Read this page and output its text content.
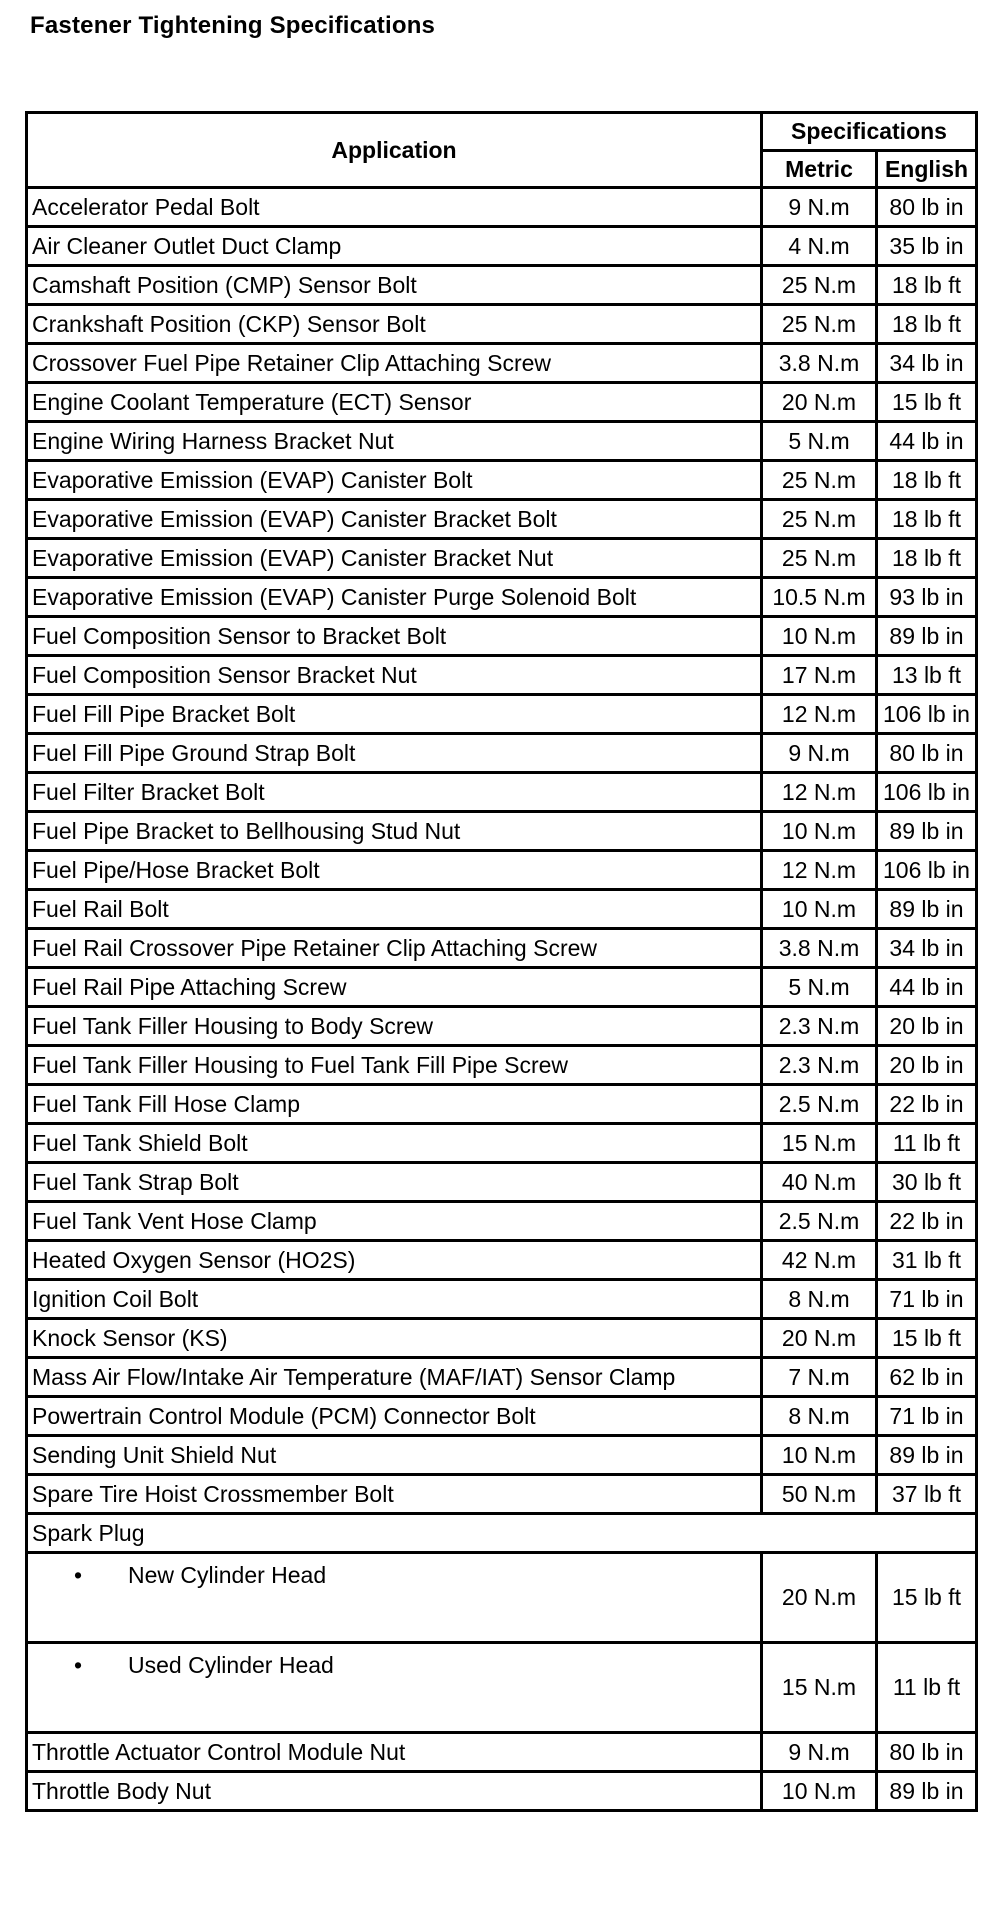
Fastener Tightening Specifications
Application	Specifications	
	Metric	English
Accelerator Pedal Bolt	9 N.m	80 lb in
Air Cleaner Outlet Duct Clamp	4 N.m	35 lb in
Camshaft Position (CMP) Sensor Bolt	25 N.m	18 lb ft
Crankshaft Position (CKP) Sensor Bolt	25 N.m	18 lb ft
Crossover Fuel Pipe Retainer Clip Attaching Screw	3.8 N.m	34 lb in
Engine Coolant Temperature (ECT) Sensor	20 N.m	15 lb ft
Engine Wiring Harness Bracket Nut	5 N.m	44 lb in
Evaporative Emission (EVAP) Canister Bolt	25 N.m	18 lb ft
Evaporative Emission (EVAP) Canister Bracket Bolt	25 N.m	18 lb ft
Evaporative Emission (EVAP) Canister Bracket Nut	25 N.m	18 lb ft
Evaporative Emission (EVAP) Canister Purge Solenoid Bolt	10.5 N.m	93 lb in
Fuel Composition Sensor to Bracket Bolt	10 N.m	89 lb in
Fuel Composition Sensor Bracket Nut	17 N.m	13 lb ft
Fuel Fill Pipe Bracket Bolt	12 N.m	106 lb in
Fuel Fill Pipe Ground Strap Bolt	9 N.m	80 lb in
Fuel Filter Bracket Bolt	12 N.m	106 lb in
Fuel Pipe Bracket to Bellhousing Stud Nut	10 N.m	89 lb in
Fuel Pipe/Hose Bracket Bolt	12 N.m	106 lb in
Fuel Rail Bolt	10 N.m	89 lb in
Fuel Rail Crossover Pipe Retainer Clip Attaching Screw	3.8 N.m	34 lb in
Fuel Rail Pipe Attaching Screw	5 N.m	44 lb in
Fuel Tank Filler Housing to Body Screw	2.3 N.m	20 lb in
Fuel Tank Filler Housing to Fuel Tank Fill Pipe Screw	2.3 N.m	20 lb in
Fuel Tank Fill Hose Clamp	2.5 N.m	22 lb in
Fuel Tank Shield Bolt	15 N.m	11 lb ft
Fuel Tank Strap Bolt	40 N.m	30 lb ft
Fuel Tank Vent Hose Clamp	2.5 N.m	22 lb in
Heated Oxygen Sensor (HO2S)	42 N.m	31 lb ft
Ignition Coil Bolt	8 N.m	71 lb in
Knock Sensor (KS)	20 N.m	15 lb ft
Mass Air Flow/Intake Air Temperature (MAF/IAT) Sensor Clamp	7 N.m	62 lb in
Powertrain Control Module (PCM) Connector Bolt	8 N.m	71 lb in
Sending Unit Shield Nut	10 N.m	89 lb in
Spare Tire Hoist Crossmember Bolt	50 N.m	37 lb ft
Spark Plug		
• New Cylinder Head	20 N.m	15 lb ft
• Used Cylinder Head	15 N.m	11 lb ft
Throttle Actuator Control Module Nut	9 N.m	80 lb in
Throttle Body Nut	10 N.m	89 lb in
